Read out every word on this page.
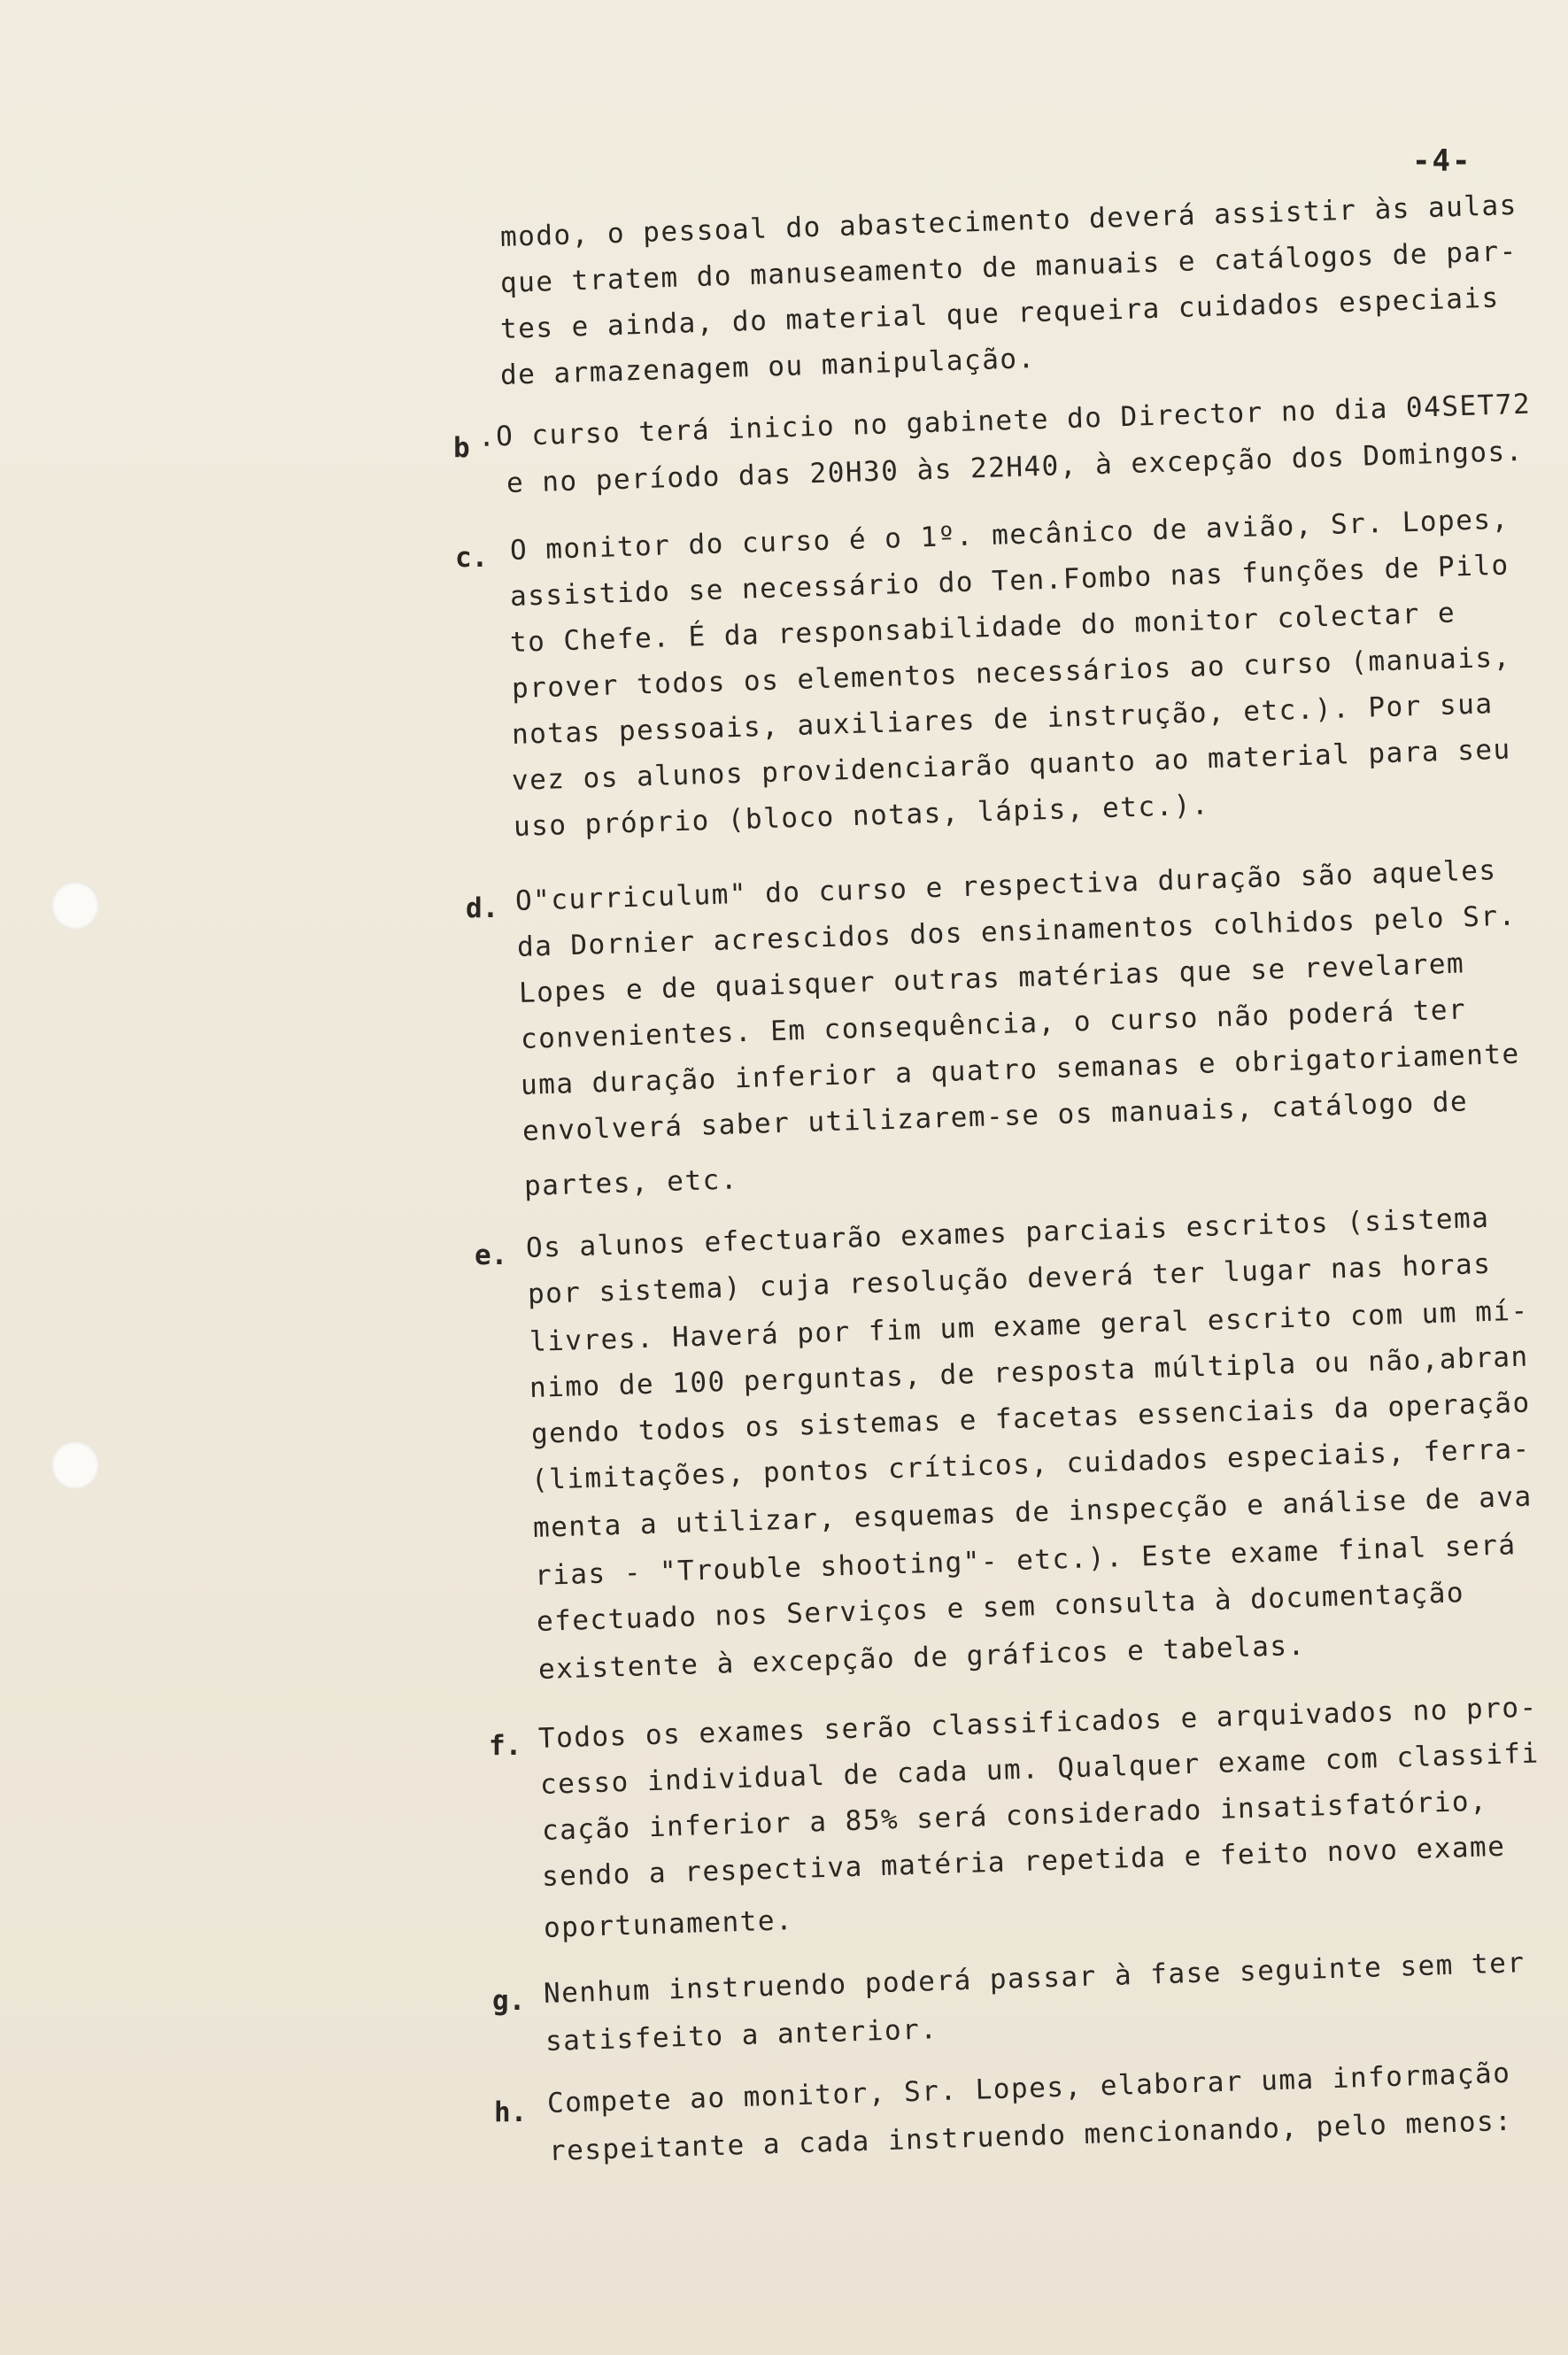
-4-
modo, o pessoal do abastecimento deverá assistir às aulas
que tratem do manuseamento de manuais e catálogos de par-
tes e ainda, do material que requeira cuidados especiais
de armazenagem ou manipulação.
b .O curso terá inicio no gabinete do Director no dia 04SET72
e no período das 20H30 às 22H40, à excepção dos Domingos.
c. O monitor do curso é o 1º. mecânico de avião, Sr. Lopes,
assistido se necessário do Ten.Fombo nas funções de Pilo
to Chefe. É da responsabilidade do monitor colectar e
prover todos os elementos necessários ao curso (manuais,
notas pessoais, auxiliares de instrução, etc.). Por sua
vez os alunos providenciarão quanto ao material para seu
uso próprio (bloco notas, lápis, etc.).
d. O"curriculum" do curso e respectiva duração são aqueles
da Dornier acrescidos dos ensinamentos colhidos pelo Sr.
Lopes e de quaisquer outras matérias que se revelarem
convenientes. Em consequência, o curso não poderá ter
uma duração inferior a quatro semanas e obrigatoriamente
envolverá saber utilizarem-se os manuais, catálogo de
partes, etc.
e. Os alunos efectuarão exames parciais escritos (sistema
por sistema) cuja resolução deverá ter lugar nas horas
livres. Haverá por fim um exame geral escrito com um mí-
nimo de 100 perguntas, de resposta múltipla ou não,abran
gendo todos os sistemas e facetas essenciais da operação
(limitações, pontos críticos, cuidados especiais, ferra-
menta a utilizar, esquemas de inspecção e análise de ava
rias - "Trouble shooting"- etc.). Este exame final será
efectuado nos Serviços e sem consulta à documentação
existente à excepção de gráficos e tabelas.
f. Todos os exames serão classificados e arquivados no pro-
cesso individual de cada um. Qualquer exame com classifi
cação inferior a 85% será considerado insatisfatório,
sendo a respectiva matéria repetida e feito novo exame
oportunamente.
g. Nenhum instruendo poderá passar à fase seguinte sem ter
satisfeito a anterior.
h. Compete ao monitor, Sr. Lopes, elaborar uma informação
respeitante a cada instruendo mencionando, pelo menos:
